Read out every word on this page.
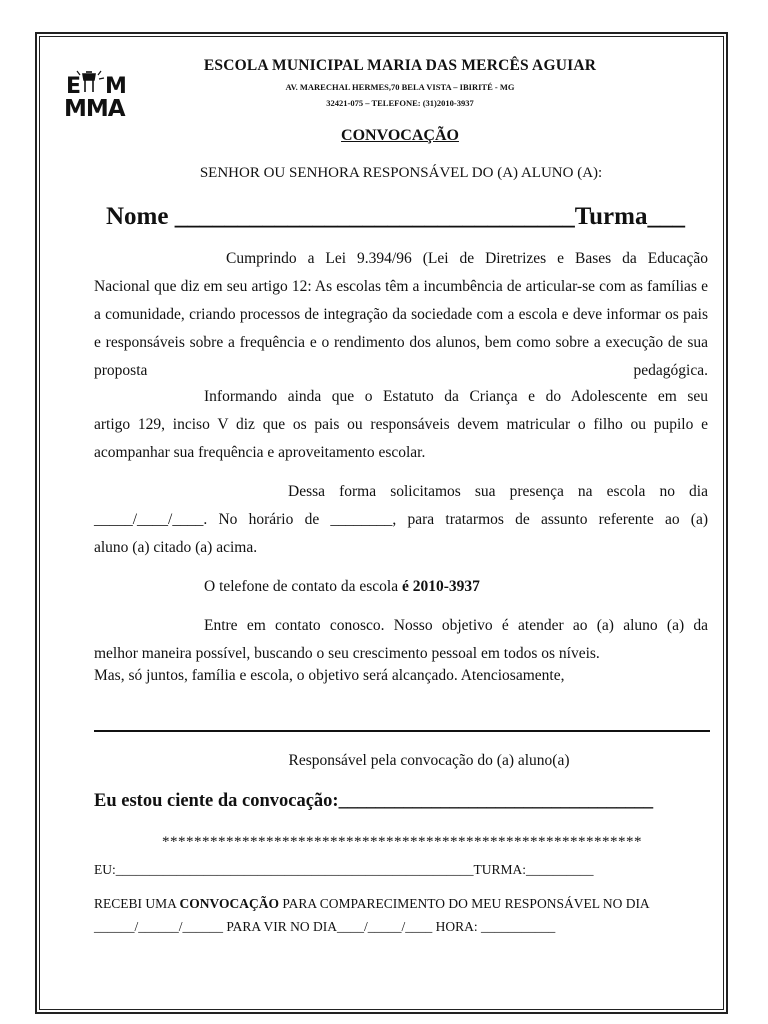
E M
MMA
ESCOLA MUNICIPAL MARIA DAS MERCÊS AGUIAR
AV. MARECHAL HERMES,70 BELA VISTA – IBIRITÉ - MG
32421-075 – TELEFONE: (31)2010-3937
CONVOCAÇÃO
SENHOR OU SENHORA RESPONSÁVEL DO (A) ALUNO (A):
Nome ________________________________Turma___
Cumprindo a Lei 9.394/96 (Lei de Diretrizes e Bases da Educação
Nacional que diz em seu artigo 12: As escolas têm a incumbência de articular-se com as famílias e a comunidade, criando processos de integração da sociedade com a escola e deve informar os pais e responsáveis sobre a frequência e o rendimento dos alunos, bem como sobre a execução de sua proposta pedagógica.
Informando ainda que o Estatuto da Criança e do Adolescente em seu
artigo 129, inciso V diz que os pais ou responsáveis devem matricular o filho ou pupilo e acompanhar sua frequência e aproveitamento escolar.
Dessa forma solicitamos sua presença na escola no dia
_____/____/____. No horário de ________, para tratarmos de assunto referente ao (a)
aluno (a) citado (a) acima.
O telefone de contato da escola é 2010-3937
Entre em contato conosco. Nosso objetivo é atender ao (a) aluno (a) da
melhor maneira possível, buscando o seu crescimento pessoal em todos os níveis.
Mas, só juntos, família e escola, o objetivo será alcançado. Atenciosamente,
Responsável pela convocação do (a) aluno(a)
Eu estou ciente da convocação:__________________________________
************************************************************
EU:_____________________________________________________TURMA:__________
RECEBI UMA CONVOCAÇÃO PARA COMPARECIMENTO DO MEU RESPONSÁVEL NO DIA
______/______/______ PARA VIR NO DIA____/_____/____ HORA: ___________
